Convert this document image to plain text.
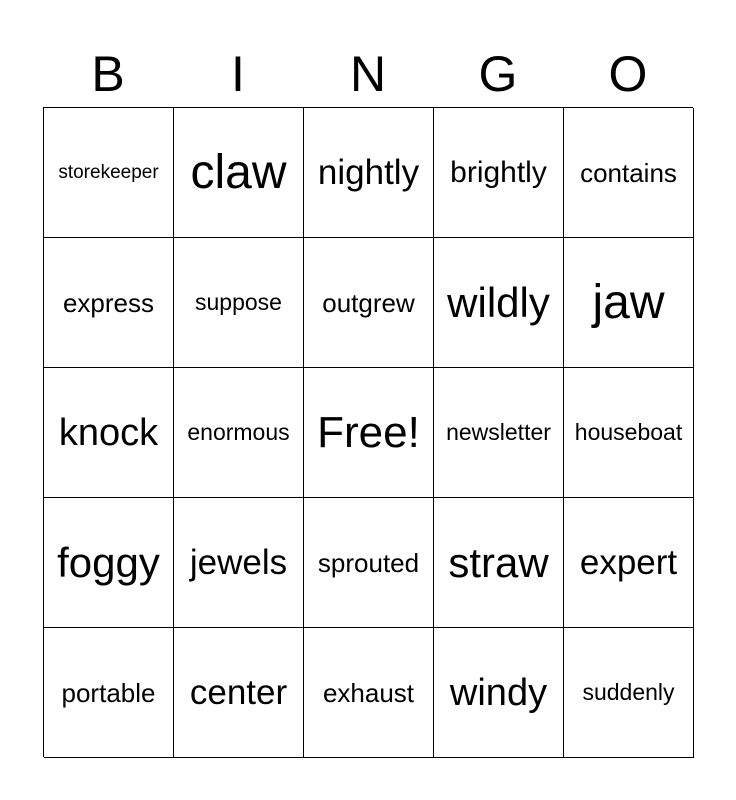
B	I	N	G	O
storekeeper claw nightly brightly contains
express suppose outgrew wildly jaw
knock enormous Free! newsletter houseboat
foggy jewels sprouted straw expert
portable center exhaust windy suddenly
